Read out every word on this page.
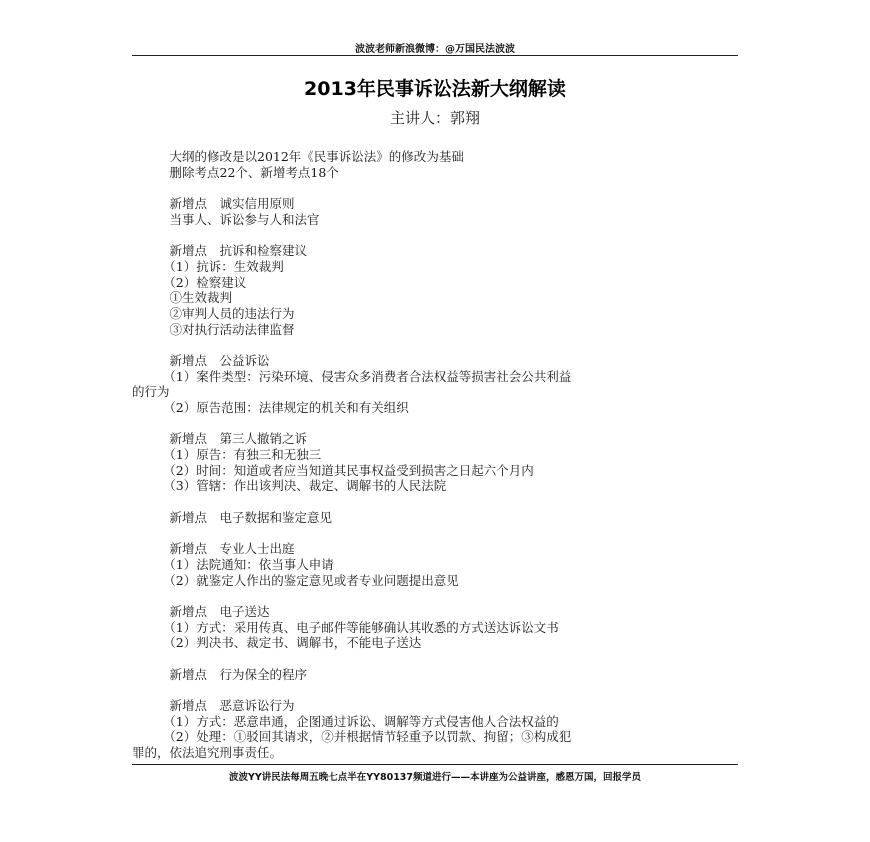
波波老师新浪微博：@万国民法波波
2013年民事诉讼法新大纲解读
主讲人：郭翔
　　　大纲的修改是以2012年《民事诉讼法》的修改为基础
　　　删除考点22个、新增考点18个
　　　新增点　诚实信用原则
　　　当事人、诉讼参与人和法官
　　　新增点　抗诉和检察建议
　　　（1）抗诉：生效裁判
　　　（2）检察建议
　　　①生效裁判
　　　②审判人员的违法行为
　　　③对执行活动法律监督
　　　新增点　公益诉讼
　　　（1）案件类型：污染环境、侵害众多消费者合法权益等损害社会公共利益
的行为
　　　（2）原告范围：法律规定的机关和有关组织
　　　新增点　第三人撤销之诉
　　　（1）原告：有独三和无独三
　　　（2）时间：知道或者应当知道其民事权益受到损害之日起六个月内
　　　（3）管辖：作出该判决、裁定、调解书的人民法院
　　　新增点　电子数据和鉴定意见
　　　新增点　专业人士出庭
　　　（1）法院通知：依当事人申请
　　　（2）就鉴定人作出的鉴定意见或者专业问题提出意见
　　　新增点　电子送达
　　　（1）方式：采用传真、电子邮件等能够确认其收悉的方式送达诉讼文书
　　　（2）判决书、裁定书、调解书，不能电子送达
　　　新增点　行为保全的程序
　　　新增点　恶意诉讼行为
　　　（1）方式：恶意串通，企图通过诉讼、调解等方式侵害他人合法权益的
　　　（2）处理：①驳回其请求，②并根据情节轻重予以罚款、拘留；③构成犯
罪的，依法追究刑事责任。
波波YY讲民法每周五晚七点半在YY80137频道进行——本讲座为公益讲座，感恩万国，回报学员
